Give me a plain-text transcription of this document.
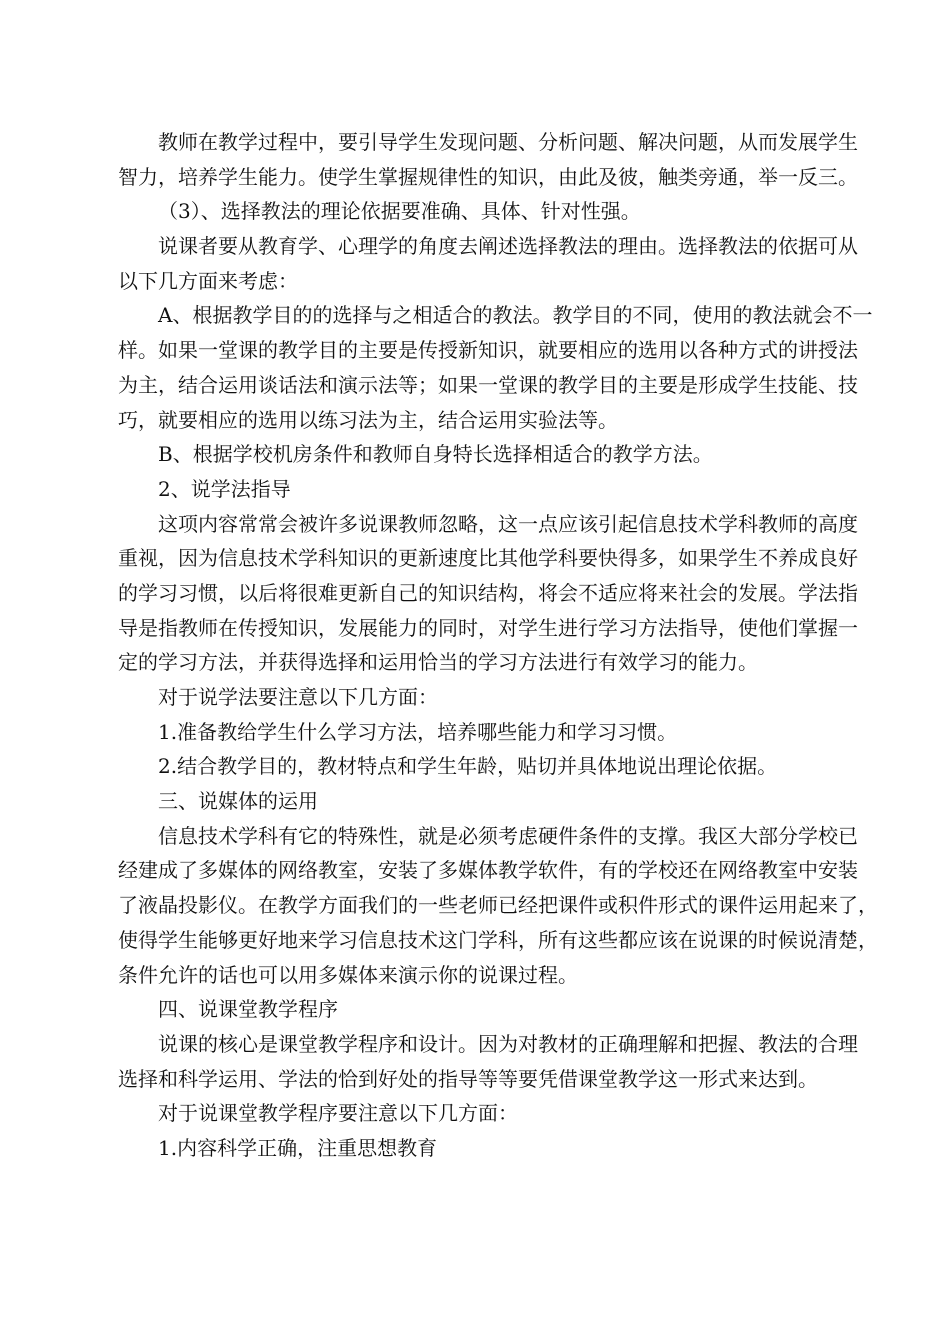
教师在教学过程中，要引导学生发现问题、分析问题、解决问题，从而发展学生
智力，培养学生能力。使学生掌握规律性的知识，由此及彼，触类旁通，举一反三。
（3）、选择教法的理论依据要准确、具体、针对性强。
说课者要从教育学、心理学的角度去阐述选择教法的理由。选择教法的依据可从
以下几方面来考虑：
A、根据教学目的的选择与之相适合的教法。教学目的不同，使用的教法就会不一
样。如果一堂课的教学目的主要是传授新知识，就要相应的选用以各种方式的讲授法
为主，结合运用谈话法和演示法等；如果一堂课的教学目的主要是形成学生技能、技
巧，就要相应的选用以练习法为主，结合运用实验法等。
B、根据学校机房条件和教师自身特长选择相适合的教学方法。
2、说学法指导
这项内容常常会被许多说课教师忽略，这一点应该引起信息技术学科教师的高度
重视，因为信息技术学科知识的更新速度比其他学科要快得多，如果学生不养成良好
的学习习惯，以后将很难更新自己的知识结构，将会不适应将来社会的发展。学法指
导是指教师在传授知识，发展能力的同时，对学生进行学习方法指导，使他们掌握一
定的学习方法，并获得选择和运用恰当的学习方法进行有效学习的能力。
对于说学法要注意以下几方面：
1.准备教给学生什么学习方法，培养哪些能力和学习习惯。
2.结合教学目的，教材特点和学生年龄，贴切并具体地说出理论依据。
三、说媒体的运用
信息技术学科有它的特殊性，就是必须考虑硬件条件的支撑。我区大部分学校已
经建成了多媒体的网络教室，安装了多媒体教学软件，有的学校还在网络教室中安装
了液晶投影仪。在教学方面我们的一些老师已经把课件或积件形式的课件运用起来了，
使得学生能够更好地来学习信息技术这门学科，所有这些都应该在说课的时候说清楚，
条件允许的话也可以用多媒体来演示你的说课过程。
四、说课堂教学程序
说课的核心是课堂教学程序和设计。因为对教材的正确理解和把握、教法的合理
选择和科学运用、学法的恰到好处的指导等等要凭借课堂教学这一形式来达到。
对于说课堂教学程序要注意以下几方面：
1.内容科学正确，注重思想教育
